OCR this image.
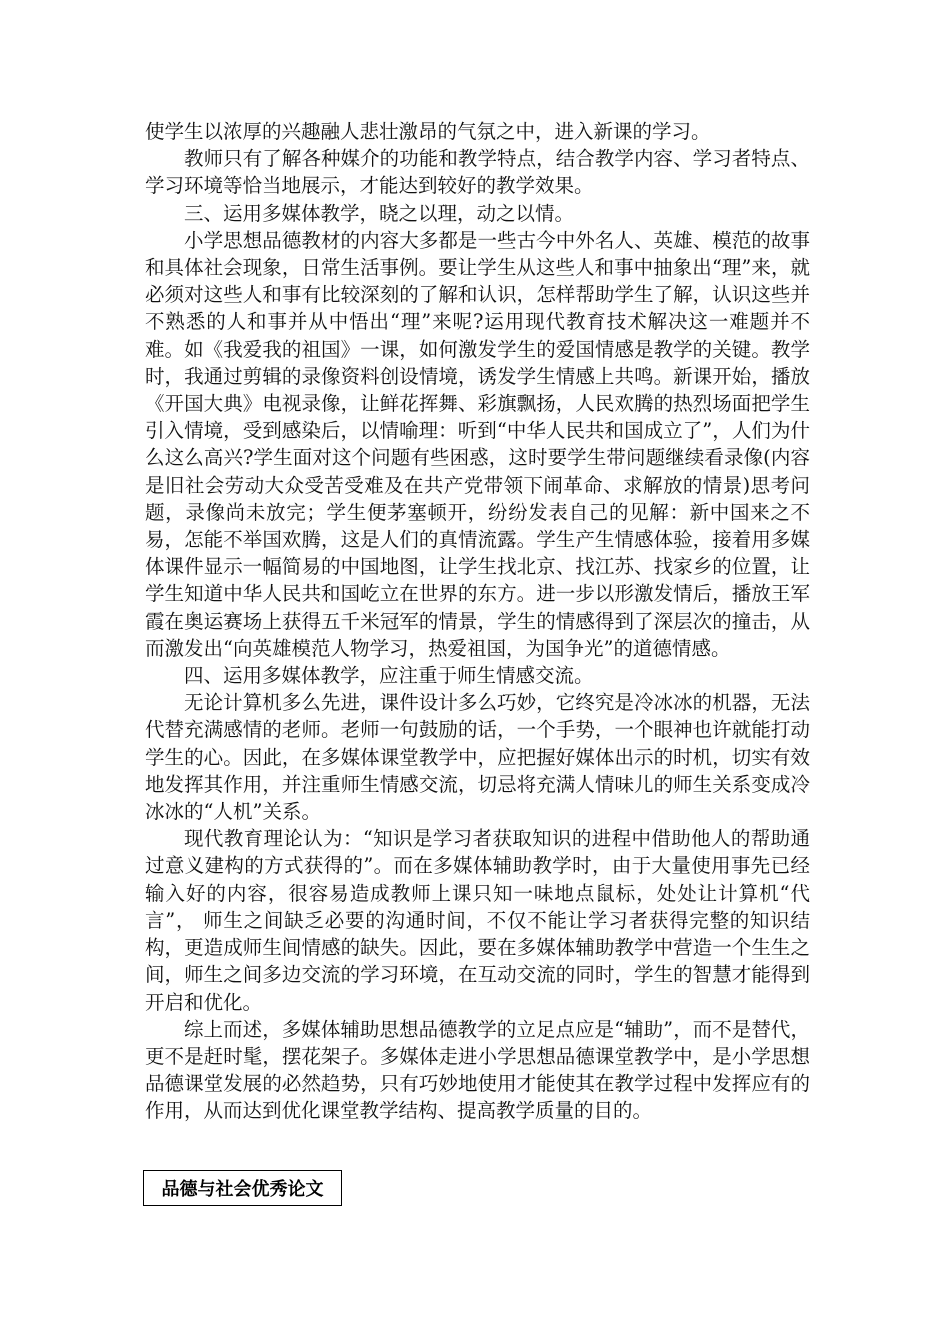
使学生以浓厚的兴趣融人悲壮激昂的气氛之中，进入新课的学习。

教师只有了解各种媒介的功能和教学特点，结合教学内容、学习者特点、学习环境等恰当地展示，才能达到较好的教学效果。

三、运用多媒体教学，晓之以理，动之以情。

小学思想品德教材的内容大多都是一些古今中外名人、英雄、模范的故事和具体社会现象，日常生活事例。要让学生从这些人和事中抽象出“理”来，就必须对这些人和事有比较深刻的了解和认识，怎样帮助学生了解，认识这些并不熟悉的人和事并从中悟出“理”来呢?运用现代教育技术解决这一难题并不难。如《我爱我的祖国》一课，如何激发学生的爱国情感是教学的关键。教学时，我通过剪辑的录像资料创设情境，诱发学生情感上共鸣。新课开始，播放《开国大典》电视录像，让鲜花挥舞、彩旗飘扬，人民欢腾的热烈场面把学生引入情境，受到感染后，以情喻理：听到“中华人民共和国成立了”，人们为什么这么高兴?学生面对这个问题有些困惑，这时要学生带问题继续看录像(内容是旧社会劳动大众受苦受难及在共产党带领下闹革命、求解放的情景)思考问题，录像尚未放完；学生便茅塞顿开，纷纷发表自己的见解：新中国来之不易，怎能不举国欢腾，这是人们的真情流露。学生产生情感体验，接着用多媒体课件显示一幅简易的中国地图，让学生找北京、找江苏、找家乡的位置，让学生知道中华人民共和国屹立在世界的东方。进一步以形激发情后，播放王军霞在奥运赛场上获得五千米冠军的情景，学生的情感得到了深层次的撞击，从而激发出“向英雄模范人物学习，热爱祖国，为国争光”的道德情感。

四、运用多媒体教学，应注重于师生情感交流。

无论计算机多么先进，课件设计多么巧妙，它终究是冷冰冰的机器，无法代替充满感情的老师。老师一句鼓励的话，一个手势，一个眼神也许就能打动学生的心。因此，在多媒体课堂教学中，应把握好媒体出示的时机，切实有效地发挥其作用，并注重师生情感交流，切忌将充满人情味儿的师生关系变成冷冰冰的“人机”关系。

现代教育理论认为：“知识是学习者获取知识的进程中借助他人的帮助通过意义建构的方式获得的”。而在多媒体辅助教学时，由于大量使用事先已经输入好的内容，很容易造成教师上课只知一味地点鼠标，处处让计算机“代言”， 师生之间缺乏必要的沟通时间，不仅不能让学习者获得完整的知识结构，更造成师生间情感的缺失。因此，要在多媒体辅助教学中营造一个生生之间，师生之间多边交流的学习环境，在互动交流的同时，学生的智慧才能得到开启和优化。

综上而述，多媒体辅助思想品德教学的立足点应是“辅助”，而不是替代，更不是赶时髦，摆花架子。多媒体走进小学思想品德课堂教学中，是小学思想品德课堂发展的必然趋势，只有巧妙地使用才能使其在教学过程中发挥应有的作用，从而达到优化课堂教学结构、提高教学质量的目的。

品德与社会优秀论文
